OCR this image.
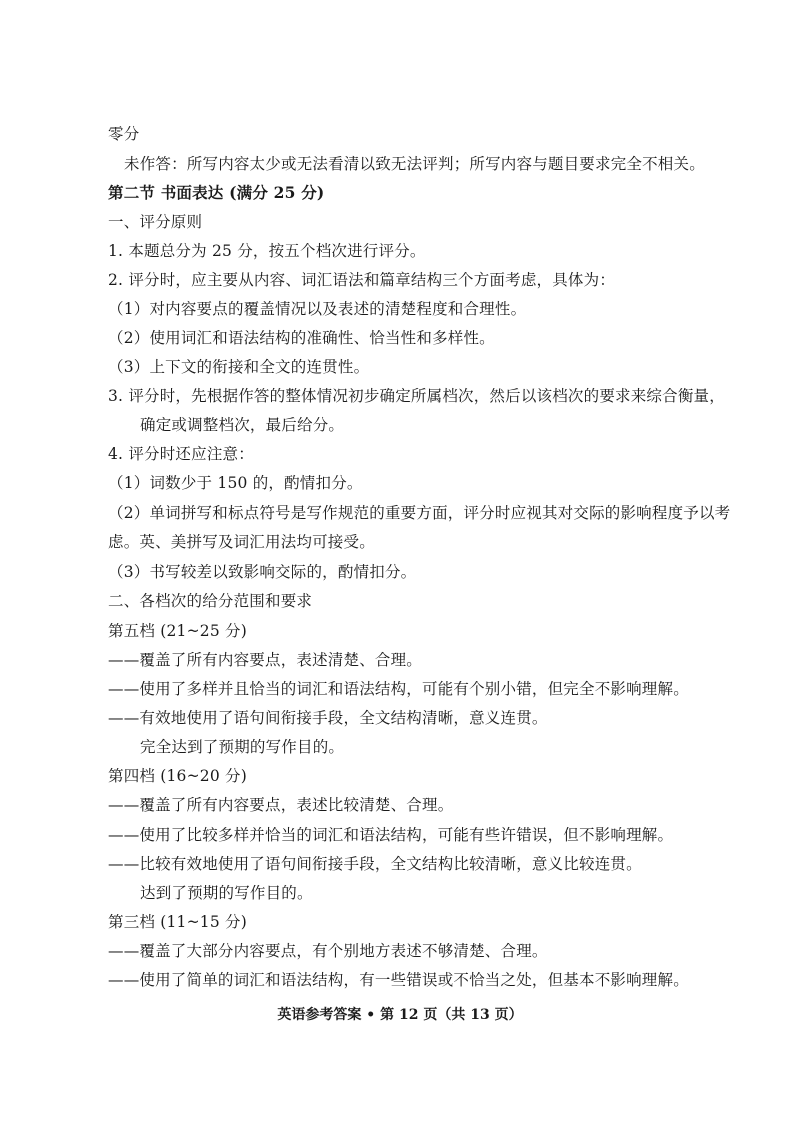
零分
未作答：所写内容太少或无法看清以致无法评判；所写内容与题目要求完全不相关。
第二节 书面表达 (满分 25 分)
一、评分原则
1. 本题总分为 25 分，按五个档次进行评分。
2. 评分时，应主要从内容、词汇语法和篇章结构三个方面考虑，具体为：
（1）对内容要点的覆盖情况以及表述的清楚程度和合理性。
（2）使用词汇和语法结构的准确性、恰当性和多样性。
（3）上下文的衔接和全文的连贯性。
3. 评分时，先根据作答的整体情况初步确定所属档次，然后以该档次的要求来综合衡量，
确定或调整档次，最后给分。
4. 评分时还应注意：
（1）词数少于 150 的，酌情扣分。
（2）单词拼写和标点符号是写作规范的重要方面，评分时应视其对交际的影响程度予以考
虑。英、美拼写及词汇用法均可接受。
（3）书写较差以致影响交际的，酌情扣分。
二、各档次的给分范围和要求
第五档 (21~25 分)
——覆盖了所有内容要点，表述清楚、合理。
——使用了多样并且恰当的词汇和语法结构，可能有个别小错，但完全不影响理解。
——有效地使用了语句间衔接手段，全文结构清晰，意义连贯。
完全达到了预期的写作目的。
第四档 (16~20 分)
——覆盖了所有内容要点，表述比较清楚、合理。
——使用了比较多样并恰当的词汇和语法结构，可能有些许错误，但不影响理解。
——比较有效地使用了语句间衔接手段，全文结构比较清晰，意义比较连贯。
达到了预期的写作目的。
第三档 (11~15 分)
——覆盖了大部分内容要点，有个别地方表述不够清楚、合理。
——使用了简单的词汇和语法结构，有一些错误或不恰当之处，但基本不影响理解。
英语参考答案 • 第 12 页（共 13 页）
